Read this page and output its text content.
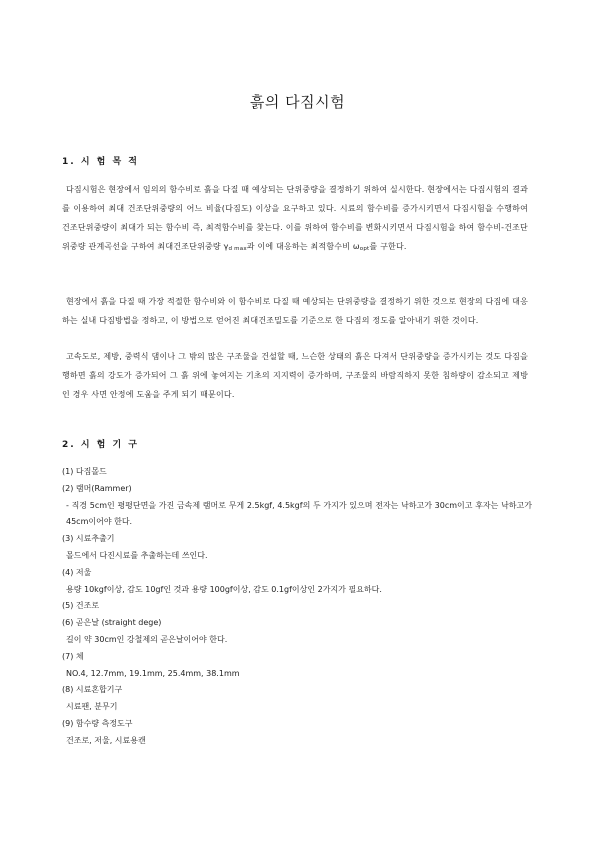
흙의 다짐시험
1. 시 험 목 적
다짐시험은 현장에서 임의의 함수비로 흙을 다질 때 예상되는 단위중량을 결정하기 위하여 실시한다. 현장에서는 다짐시험의 결과를 이용하여 최대 건조단위중량의 어느 비율(다짐도) 이상을 요구하고 있다. 시료의 함수비를 증가시키면서 다짐시험을 수행하여 건조단위중량이 최대가 되는 함수비 즉, 최적함수비를 찾는다. 이를 위하여 함수비를 변화시키면서 다짐시험을 하여 함수비-건조단위중량 관계곡선을 구하여 최대건조단위중량 $\gamma_{d max}$과 이에 대응하는 최적함수비 $\omega_{opt}$를 구한다.
현장에서 흙을 다질 때 가장 적절한 함수비와 이 함수비로 다질 때 예상되는 단위중량을 결정하기 위한 것으로 현장의 다짐에 대응하는 실내 다짐방법을 정하고, 이 방법으로 얻어진 최대건조밀도를 기준으로 한 다짐의 정도를 알아내기 위한 것이다.
고속도로, 제방, 중력식 댐이나 그 밖의 많은 구조물을 건설할 때, 느슨한 상태의 흙은 다져서 단위중량을 증가시키는 것도 다짐을 행하면 흙의 강도가 증가되어 그 흙 위에 놓여지는 기초의 지지력이 증가하며, 구조물의 바람직하지 못한 침하량이 감소되고 제방인 경우 사면 안정에 도움을 주게 되기 때문이다.
2. 시 험 기 구
(1) 다짐몰드
(2) 램머(Rammer)
- 직경 5cm인 평평단면을 가진 금속제 램머로 무게 2.5kgf, 4.5kgf의 두 가지가 있으며 전자는 낙하고가 30cm이고 후자는 낙하고가 45cm이어야 한다.
(3) 시료추출기
몰드에서 다진시료를 추출하는데 쓰인다.
(4) 저울
용량 10kgf이상, 감도 10gf인 것과 용량 100gf이상, 감도 0.1gf이상인 2가지가 필요하다.
(5) 건조로
(6) 곧은날 (straight dege)
길이 약 30cm인 강철제의 곧은날이어야 한다.
(7) 체
NO.4, 12.7mm, 19.1mm, 25.4mm, 38.1mm
(8) 시료혼합기구
시료팬, 분무기
(9) 함수량 측정도구
건조로, 저울, 시료용캔
